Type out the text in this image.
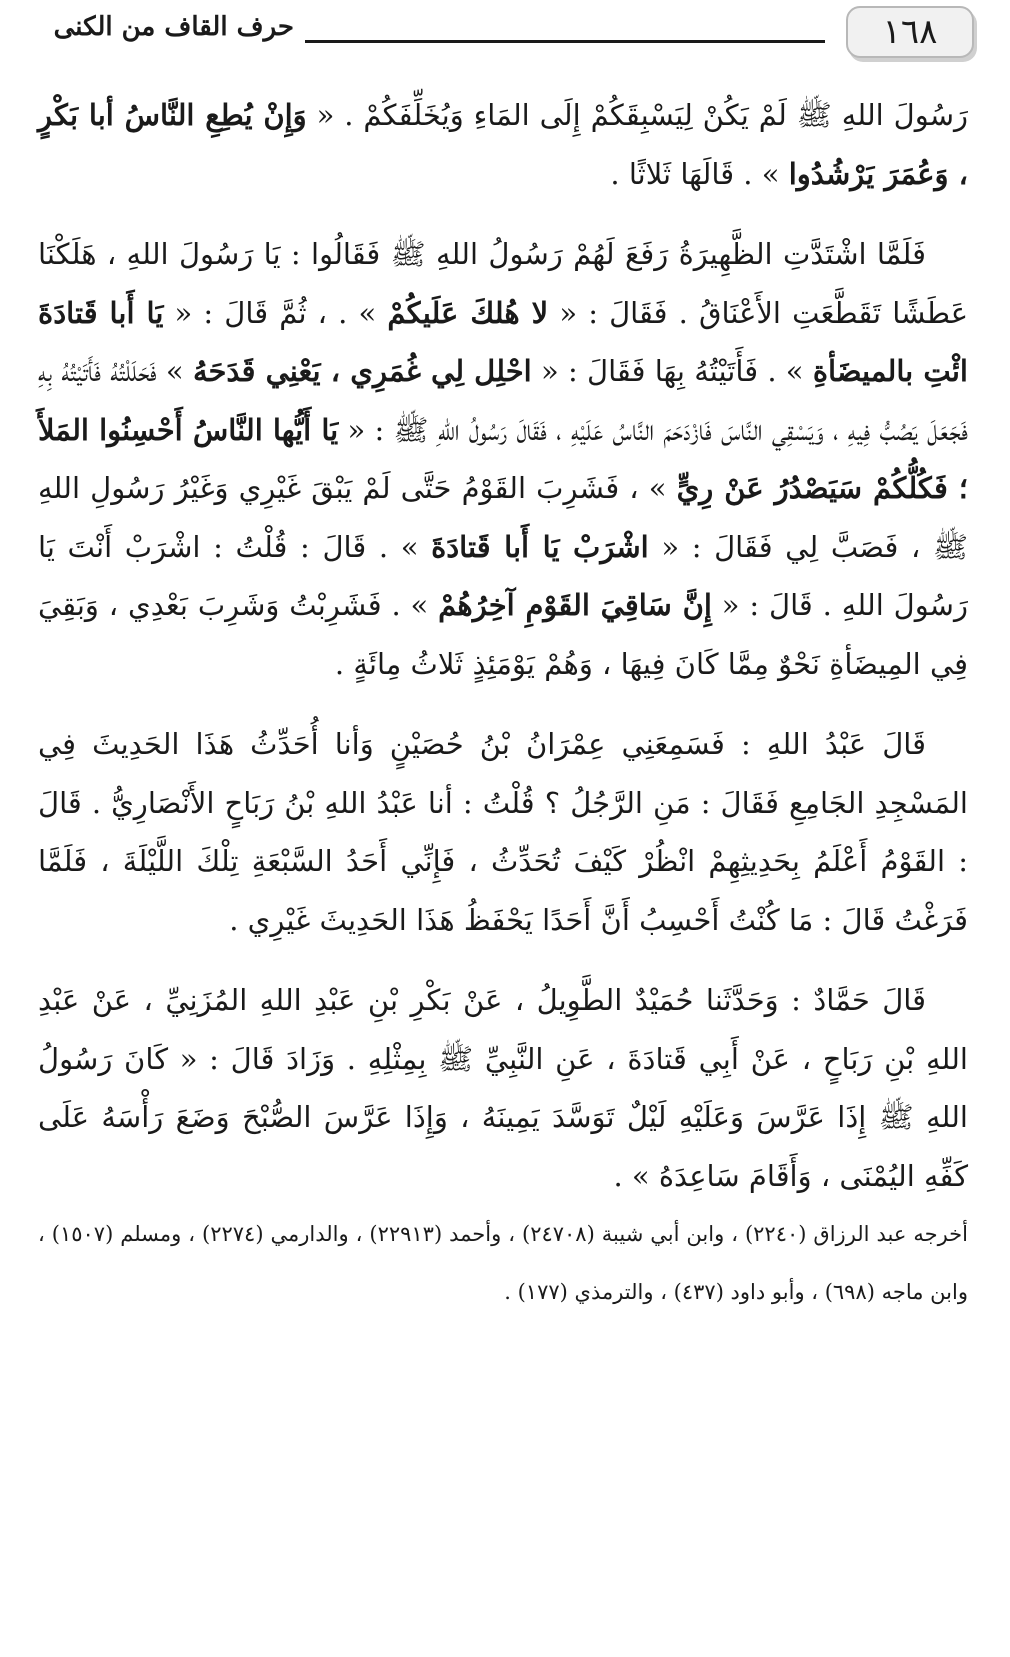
١٦٨
حرف القاف من الكنى

رَسُولَ اللهِ ﷺ لَمْ يَكُنْ لِيَسْبِقَكُمْ إِلَى المَاءِ وَيُخَلِّفَكُمْ . « وَإِنْ يُطِعِ النَّاسُ أبا بَكْرٍ ، وَعُمَرَ يَرْشُدُوا » . قَالَهَا ثَلاثًا .

فَلَمَّا اشْتَدَّتِ الظَّهِيرَةُ رَفَعَ لَهُمْ رَسُولُ اللهِ ﷺ فَقَالُوا : يَا رَسُولَ اللهِ ، هَلَكْنَا عَطَشًا تَقَطَّعَتِ الأَعْنَاقُ . فَقَالَ : « لا هُلكَ عَلَيكُمْ » . ، ثُمَّ قَالَ : « يَا أَبا قَتادَةَ ائْتِ بالميضَأةِ » . فَأَتَيْتُهُ بِهَا فَقَالَ : « احْلِل لِي غُمَرِي ، يَعْنِي قَدَحَهُ » فَحَلَلْتُهُ فَأَتَيْتُهُ بِهِ فَجَعَلَ يَصُبُّ فِيهِ ، وَيَسْقِي النَّاسَ فَازْدَحَمَ النَّاسُ عَلَيْهِ ، فَقَالَ رَسُولُ اللهِ ﷺ : « يَا أَيُّها النَّاسُ أَحْسِنُوا المَلأَ ؛ فَكُلُّكُمْ سَيَصْدُرُ عَنْ رِيٍّ » ، فَشَرِبَ القَوْمُ حَتَّى لَمْ يَبْقَ غَيْرِي وَغَيْرُ رَسُولِ اللهِ ﷺ ، فَصَبَّ لِي فَقَالَ : « اشْرَبْ يَا أَبا قَتادَةَ » . قَالَ : قُلْتُ : اشْرَبْ أَنْتَ يَا رَسُولَ اللهِ . قَالَ : « إِنَّ سَاقِيَ القَوْمِ آخِرُهُمْ » . فَشَرِبْتُ وَشَرِبَ بَعْدِي ، وَبَقِيَ فِي المِيضَأةِ نَحْوٌ مِمَّا كَانَ فِيهَا ، وَهُمْ يَوْمَئِذٍ ثَلاثُ مِائَةٍ .

قَالَ عَبْدُ اللهِ : فَسَمِعَنِي عِمْرَانُ بْنُ حُصَيْنٍ وَأنا أُحَدِّثُ هَذَا الحَدِيثَ فِي المَسْجِدِ الجَامِعِ فَقَالَ : مَنِ الرَّجُلُ ؟ قُلْتُ : أنا عَبْدُ اللهِ بْنُ رَبَاحٍ الأَنْصَارِيُّ . قَالَ : القَوْمُ أَعْلَمُ بِحَدِيثِهِمْ انْظُرْ كَيْفَ تُحَدِّثُ ، فَإِنِّي أَحَدُ السَّبْعَةِ تِلْكَ اللَّيْلَةَ ، فَلَمَّا فَرَغْتُ قَالَ : مَا كُنْتُ أَحْسِبُ أَنَّ أَحَدًا يَحْفَظُ هَذَا الحَدِيثَ غَيْرِي .

قَالَ حَمَّادٌ : وَحَدَّثَنا حُمَيْدٌ الطَّوِيلُ ، عَنْ بَكْرِ بْنِ عَبْدِ اللهِ المُزَنِيِّ ، عَنْ عَبْدِ اللهِ بْنِ رَبَاحٍ ، عَنْ أَبِي قَتادَةَ ، عَنِ النَّبِيِّ ﷺ بِمِثْلِهِ . وَزَادَ قَالَ : « كَانَ رَسُولُ اللهِ ﷺ إِذَا عَرَّسَ وَعَلَيْهِ لَيْلٌ تَوَسَّدَ يَمِينَهُ ، وَإِذَا عَرَّسَ الصُّبْحَ وَضَعَ رَأْسَهُ عَلَى كَفِّهِ اليُمْنَى ، وَأَقَامَ سَاعِدَهُ » .

أخرجه عبد الرزاق (٢٢٤٠) ، وابن أبي شيبة (٢٤٧٠٨) ، وأحمد (٢٢٩١٣) ، والدارمي (٢٢٧٤) ، ومسلم (١٥٠٧) ، وابن ماجه (٦٩٨) ، وأبو داود (٤٣٧) ، والترمذي (١٧٧) .
